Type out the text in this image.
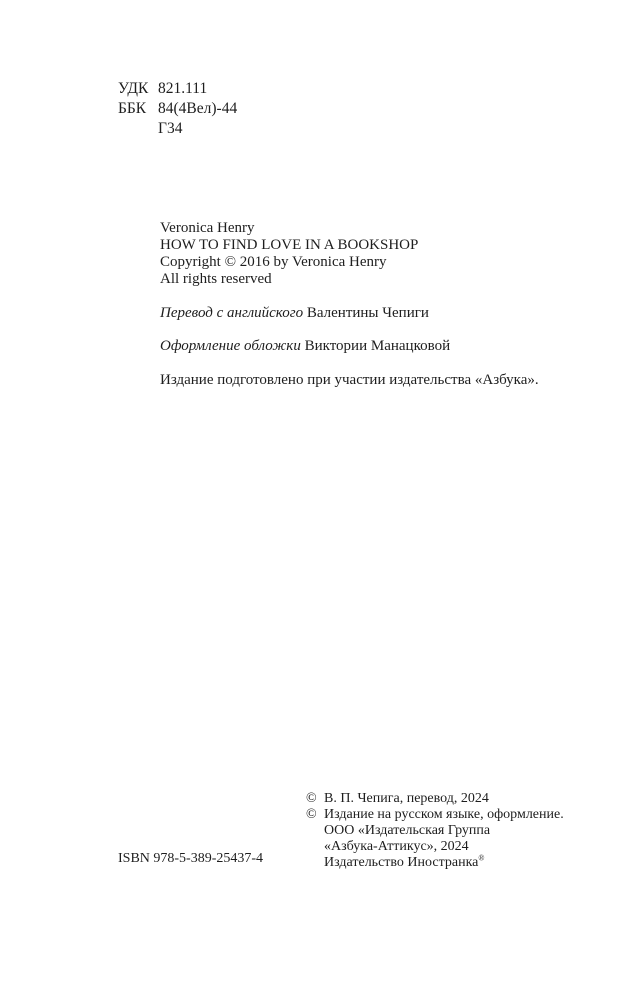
УДК 821.111
ББК 84(4Вел)-44
Г34
Veronica Henry
HOW TO FIND LOVE IN A BOOKSHOP
Copyright © 2016 by Veronica Henry
All rights reserved
Перевод с английского Валентины Чепиги
Оформление обложки Виктории Манацковой
Издание подготовлено при участии издательства «Азбука».
ISBN 978-5-389-25437-4
© В. П. Чепига, перевод, 2024
© Издание на русском языке, оформление.
ООО «Издательская Группа
«Азбука-Аттикус», 2024
Издательство Иностранка®
